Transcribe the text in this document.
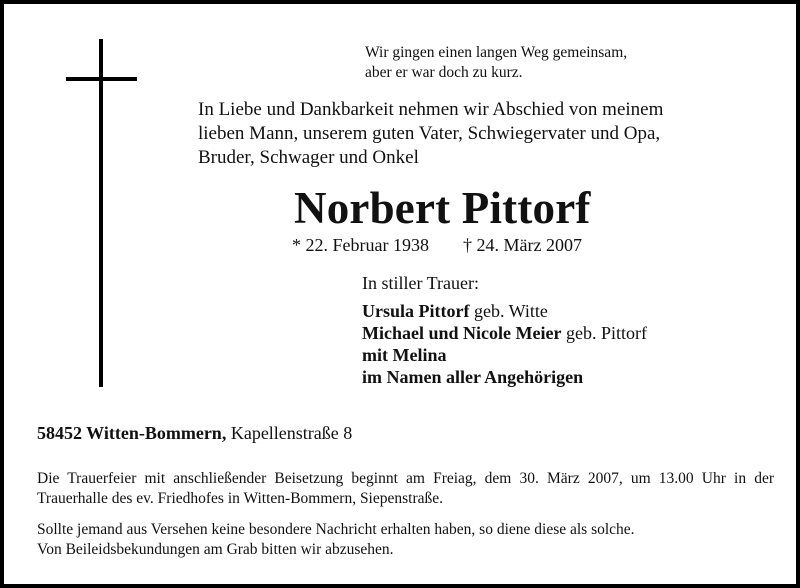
Wir gingen einen langen Weg gemeinsam,
aber er war doch zu kurz.
In Liebe und Dankbarkeit nehmen wir Abschied von meinem
lieben Mann, unserem guten Vater, Schwiegervater und Opa,
Bruder, Schwager und Onkel
Norbert Pittorf
* 22. Februar 1938 † 24. März 2007
In stiller Trauer:
Ursula Pittorf geb. Witte
Michael und Nicole Meier geb. Pittorf
mit Melina
im Namen aller Angehörigen
58452 Witten-Bommern, Kapellenstraße 8
Die Trauerfeier mit anschließender Beisetzung beginnt am Freiag, dem 30. März 2007, um 13.00 Uhr in der Trauerhalle des ev. Friedhofes in Witten-Bommern, Siepenstraße.
Sollte jemand aus Versehen keine besondere Nachricht erhalten haben, so diene diese als solche.
Von Beileidsbekundungen am Grab bitten wir abzusehen.
